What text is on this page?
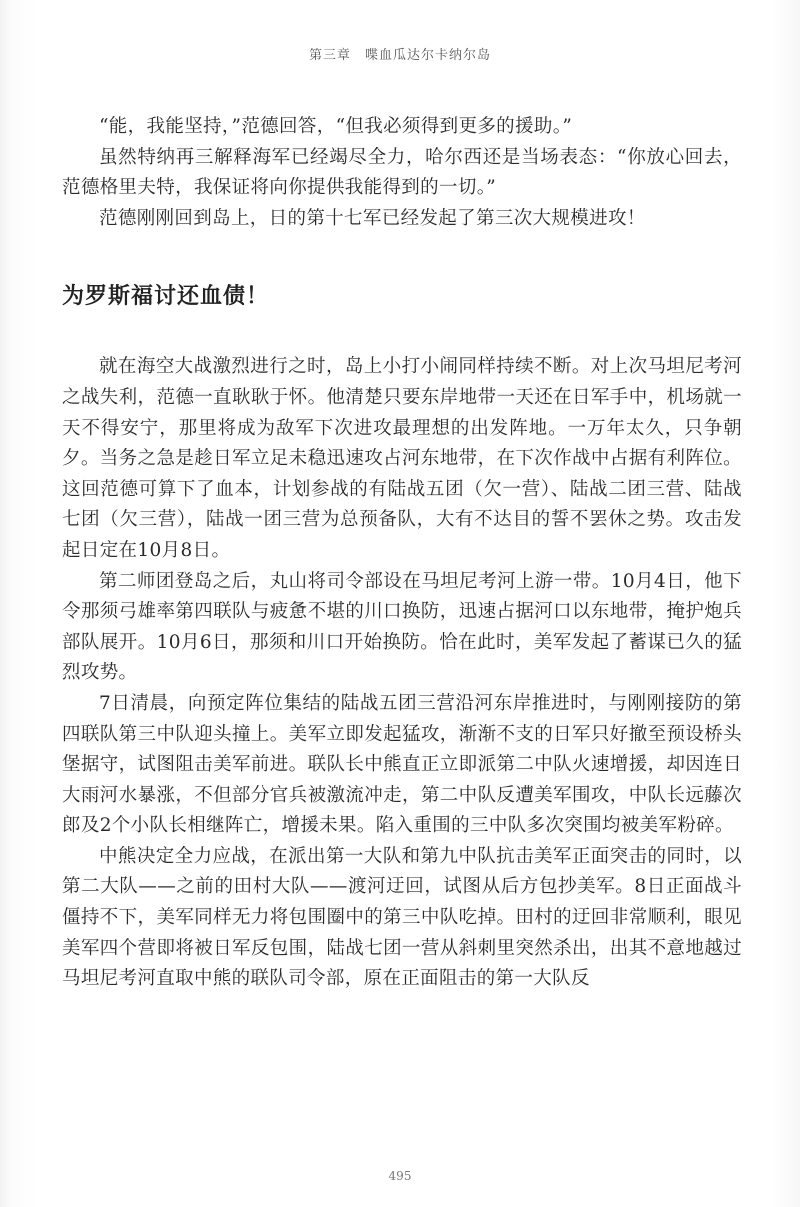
第三章　喋血瓜达尔卡纳尔岛

“能，我能坚持，”范德回答，“但我必须得到更多的援助。”

虽然特纳再三解释海军已经竭尽全力，哈尔西还是当场表态：“你放心回去，范德格里夫特，我保证将向你提供我能得到的一切。”

范德刚刚回到岛上，日的第十七军已经发起了第三次大规模进攻！

为罗斯福讨还血债！

就在海空大战激烈进行之时，岛上小打小闹同样持续不断。对上次马坦尼考河之战失利，范德一直耿耿于怀。他清楚只要东岸地带一天还在日军手中，机场就一天不得安宁，那里将成为敌军下次进攻最理想的出发阵地。一万年太久，只争朝夕。当务之急是趁日军立足未稳迅速攻占河东地带，在下次作战中占据有利阵位。这回范德可算下了血本，计划参战的有陆战五团（欠一营）、陆战二团三营、陆战七团（欠三营），陆战一团三营为总预备队，大有不达目的誓不罢休之势。攻击发起日定在10月8日。

第二师团登岛之后，丸山将司令部设在马坦尼考河上游一带。10月4日，他下令那须弓雄率第四联队与疲惫不堪的川口换防，迅速占据河口以东地带，掩护炮兵部队展开。10月6日，那须和川口开始换防。恰在此时，美军发起了蓄谋已久的猛烈攻势。

7日清晨，向预定阵位集结的陆战五团三营沿河东岸推进时，与刚刚接防的第四联队第三中队迎头撞上。美军立即发起猛攻，渐渐不支的日军只好撤至预设桥头堡据守，试图阻击美军前进。联队长中熊直正立即派第二中队火速增援，却因连日大雨河水暴涨，不但部分官兵被激流冲走，第二中队反遭美军围攻，中队长远藤次郎及2个小队长相继阵亡，增援未果。陷入重围的三中队多次突围均被美军粉碎。

中熊决定全力应战，在派出第一大队和第九中队抗击美军正面突击的同时，以第二大队——之前的田村大队——渡河迂回，试图从后方包抄美军。8日正面战斗僵持不下，美军同样无力将包围圈中的第三中队吃掉。田村的迂回非常顺利，眼见美军四个营即将被日军反包围，陆战七团一营从斜刺里突然杀出，出其不意地越过马坦尼考河直取中熊的联队司令部，原在正面阻击的第一大队反

495
